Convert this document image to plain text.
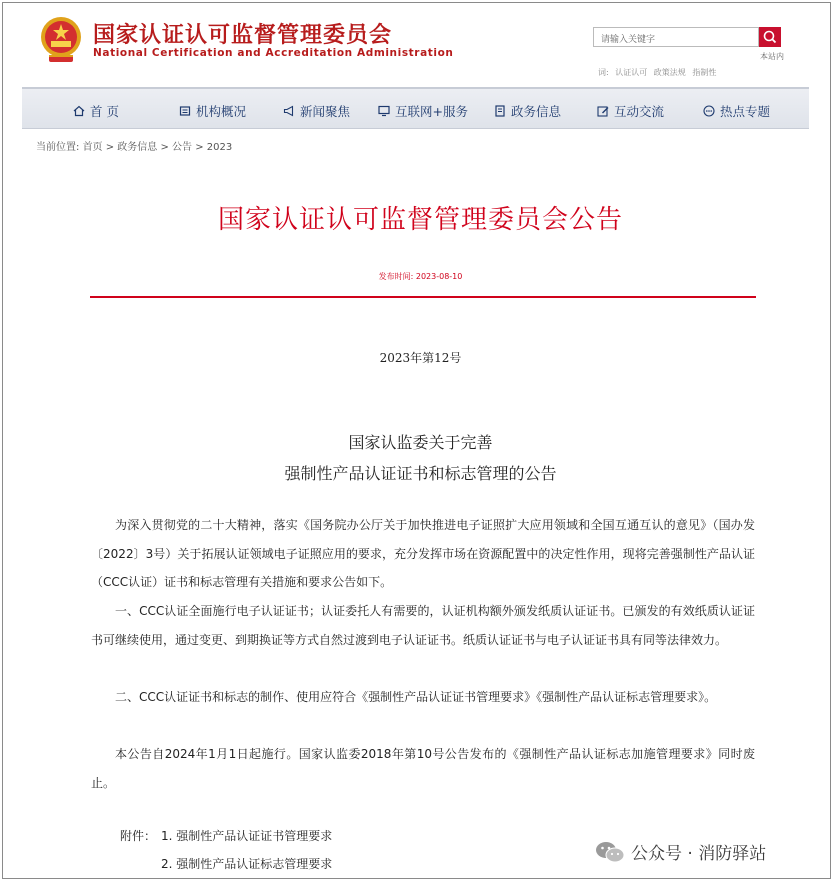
国家认证认可监督管理委员会
National Certification and Accreditation Administration
请输入关键字
本站内
词: 认证认可 政策法规 指制性
首 页	机构概况	新闻聚焦	互联网+服务	政务信息	互动交流	热点专题
当前位置: 首页 > 政务信息 > 公告 > 2023
国家认证认可监督管理委员会公告
发布时间: 2023-08-10
2023年第12号
国家认监委关于完善
强制性产品认证证书和标志管理的公告
为深入贯彻党的二十大精神，落实《国务院办公厅关于加快推进电子证照扩大应用领域和全国互通互认的意见》（国办发〔2022〕3号）关于拓展认证领域电子证照应用的要求，充分发挥市场在资源配置中的决定性作用，现将完善强制性产品认证（CCC认证）证书和标志管理有关措施和要求公告如下。
一、CCC认证全面施行电子认证证书；认证委托人有需要的，认证机构额外颁发纸质认证证书。已颁发的有效纸质认证证书可继续使用，通过变更、到期换证等方式自然过渡到电子认证证书。纸质认证证书与电子认证证书具有同等法律效力。
二、CCC认证证书和标志的制作、使用应符合《强制性产品认证证书管理要求》《强制性产品认证标志管理要求》。
本公告自2024年1月1日起施行。国家认监委2018年第10号公告发布的《强制性产品认证标志加施管理要求》同时废止。
附件： 1. 强制性产品认证证书管理要求
2. 强制性产品认证标志管理要求	公众号 · 消防驿站
